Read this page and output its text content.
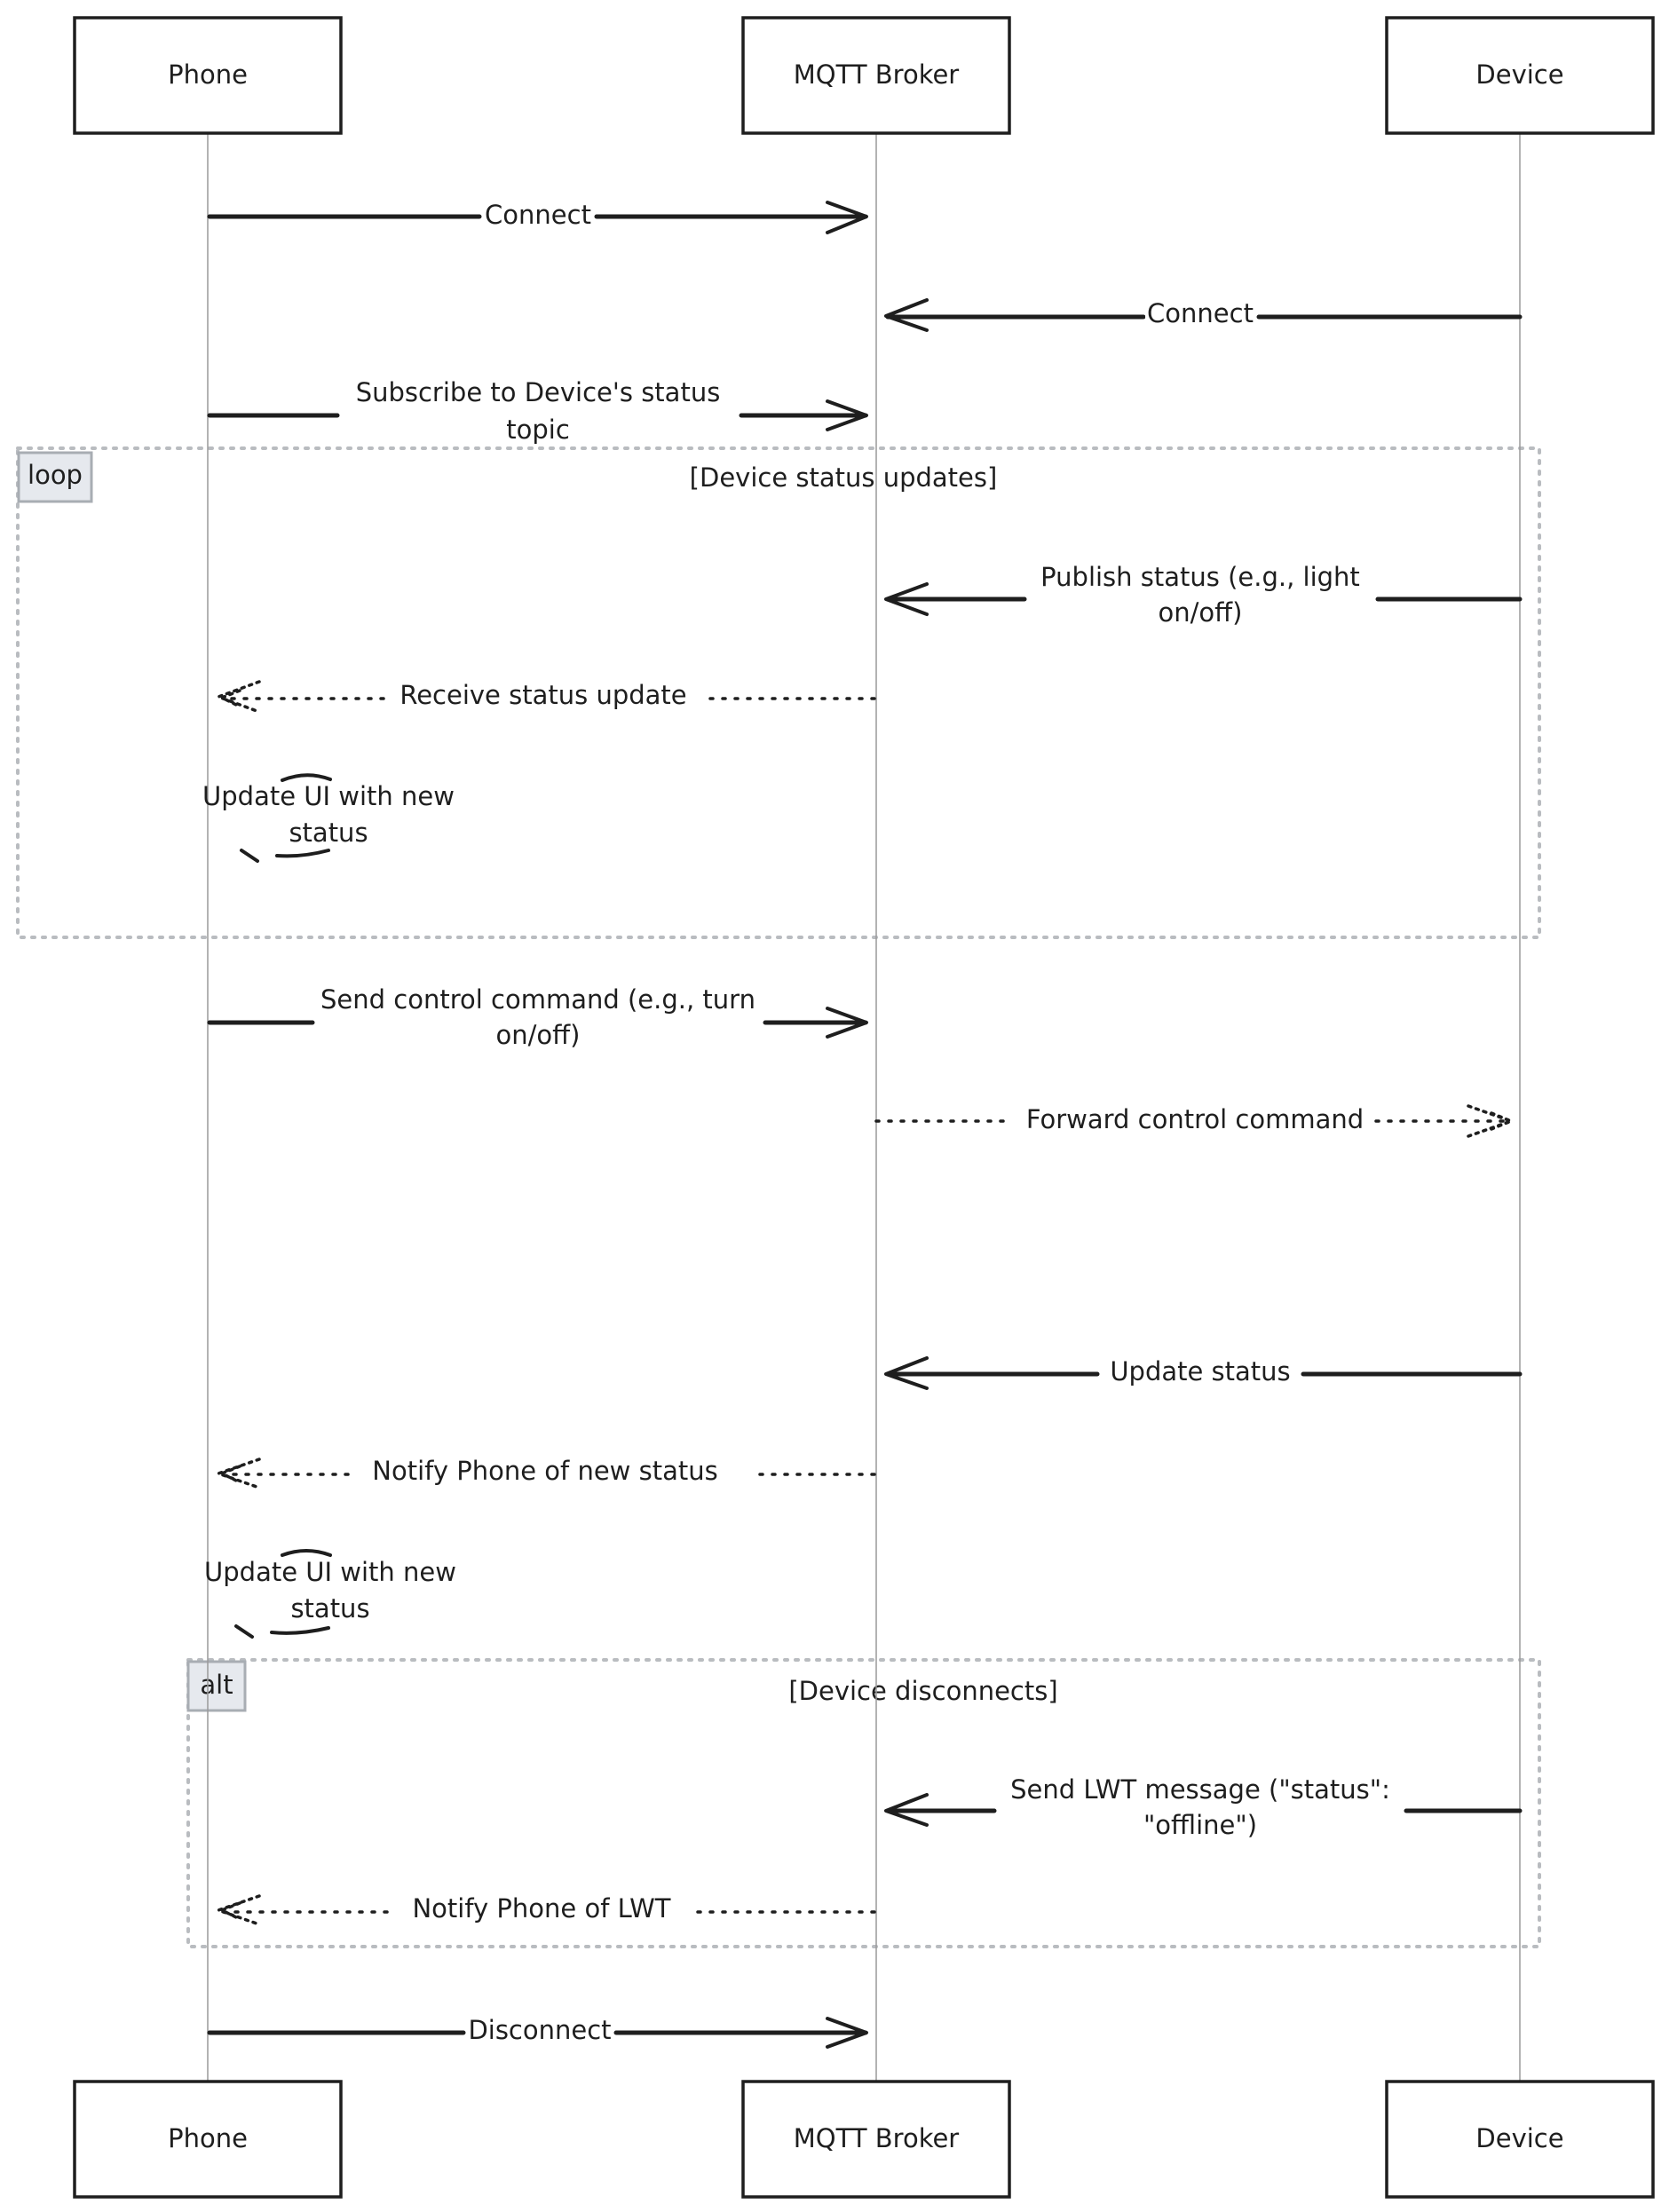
loop	[Device status updates]
alt	[Device disconnects]
Phone	MQTT Broker	Device
Phone	MQTT Broker	Device
Connect
Connect
Subscribe to Device's status
topic
Publish status (e.g., light
on/off)
Receive status update
Update UI with new
status
Send control command (e.g., turn
on/off)
Forward control command
Update status
Notify Phone of new status
Update UI with new
status
Send LWT message ("status":
"offline")
Notify Phone of LWT
Disconnect
